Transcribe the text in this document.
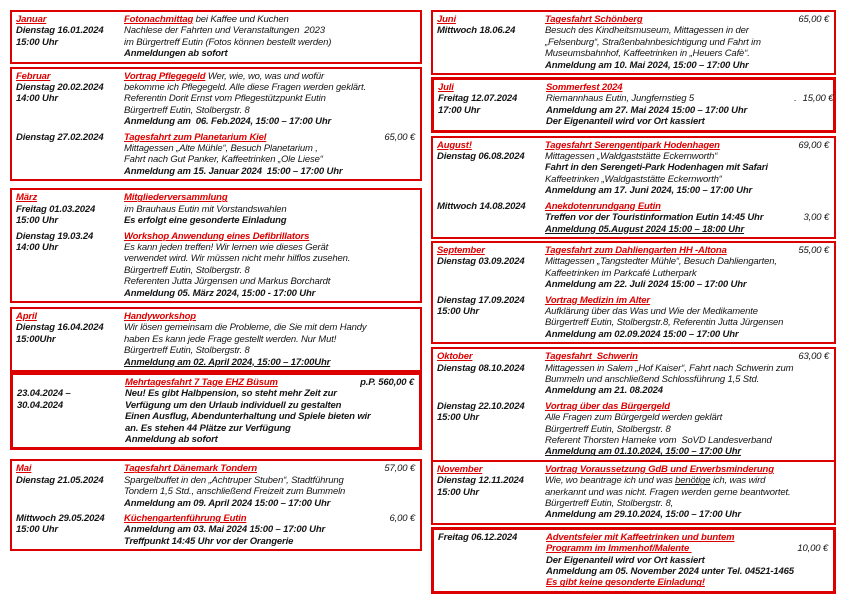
Januar	Fotonachmittag bei Kaffee und Kuchen
Dienstag 16.01.2024	Nachlese der Fahrten und Veranstaltungen  2023
15:00 Uhr	im Bürgertreff Eutin (Fotos können bestellt werden)
Anmeldungen ab sofort
Februar	Vortrag Pflegegeld Wer, wie, wo, was und wofür
Dienstag 20.02.2024	bekomme ich Pflegegeld. Alle diese Fragen werden geklärt.
14:00 Uhr	Referentin Dorit Ernst vom Pflegestützpunkt Eutin
Bürgertreff Eutin, Stolbergstr. 8
Anmeldung am  06. Feb.2024, 15:00 – 17:00 Uhr
Dienstag 27.02.2024	Tagesfahrt zum Planetarium Kiel	65,00 €
Mittagessen „Alte Mühle“, Besuch Planetarium ,
Fahrt nach Gut Panker, Kaffeetrinken „Ole Liese“
Anmeldung am 15. Januar 2024  15:00 – 17:00 Uhr
März	Mitgliederversammlung
Freitag 01.03.2024	im Brauhaus Eutin mit Vorstandswahlen
15:00 Uhr	Es erfolgt eine gesonderte Einladung
Dienstag 19.03.24	Workshop Anwendung eines Defibrillators
14:00 Uhr	Es kann jeden treffen! Wir lernen wie dieses Gerät
verwendet wird. Wir müssen nicht mehr hilflos zusehen.
Bürgertreff Eutin, Stolbergstr. 8
Referenten Jutta Jürgensen und Markus Borchardt
Anmeldung 05. März 2024, 15:00 - 17:00 Uhr
April	Handyworkshop
Dienstag 16.04.2024	Wir lösen gemeinsam die Probleme, die Sie mit dem Handy
15:00Uhr	haben Es kann jede Frage gestellt werden. Nur Mut!
Bürgertreff Eutin, Stolbergstr. 8
Anmeldung am 02. April 2024, 15:00 – 17:00Uhr
Mehrtagesfahrt 7 Tage EHZ Büsum	p.P. 560,00 €
23.04.2024 –	Neu! Es gibt Halbpension, so steht mehr Zeit zur
30.04.2024	Verfügung um den Urlaub individuell zu gestalten
Einen Ausflug, Abendunterhaltung und Spiele bieten wir
an. Es stehen 44 Plätze zur Verfügung
Anmeldung ab sofort
Mai	Tagesfahrt Dänemark Tondern	57,00 €
Dienstag 21.05.2024	Spargelbuffet in den „Achtruper Stuben“, Stadtführung
Tondern 1,5 Std., anschließend Freizeit zum Bummeln
Anmeldung am 09. April 2024 15:00 – 17:00 Uhr
Mittwoch 29.05.2024	Küchengartenführung Eutin	6,00 €
15:00 Uhr	Anmeldung am 03. Mai 2024 15:00 – 17:00 Uhr
Treffpunkt 14:45 Uhr vor der Orangerie
Juni	Tagesfahrt Schönberg	65,00 €
Mittwoch 18.06.24	Besuch des Kindheitsmuseum, Mittagessen in der
„Felsenburg“, Straßenbahnbesichtigung und Fahrt im
Museumsbahnhof, Kaffeetrinken in „Heuers Cafè“.
Anmeldung am 10. Mai 2024, 15:00 – 17:00 Uhr
Juli	Sommerfest 2024
Freitag 12.07.2024	Riemannhaus Eutin, Jungfernstieg 5	. 15,00 €
17:00 Uhr	Anmeldung am 27. Mai 2024 15:00 – 17:00 Uhr
Der Eigenanteil wird vor Ort kassiert
August!	Tagesfahrt Serengentipark Hodenhagen	69,00 €
Dienstag 06.08.2024	Mittagessen „Waldgaststätte Eckernworth“
Fahrt in den Serengeti-Park Hodenhagen mit Safari
Kaffeetrinken „Waldgaststätte Eckernworth“
Anmeldung am 17. Juni 2024, 15:00 – 17:00 Uhr
Mittwoch 14.08.2024	Anekdotenrundgang Eutin
Treffen vor der Touristinformation Eutin 14:45 Uhr	3,00 €
Anmeldung 05.August 2024 15:00 – 18:00 Uhr
September	Tagesfahrt zum Dahliengarten HH -Altona	55,00 €
Dienstag 03.09.2024	Mittagessen „Tangstedter Mühle“, Besuch Dahliengarten,
Kaffeetrinken im Parkcafé Lutherpark
Anmeldung am 22. Juli 2024 15:00 – 17:00 Uhr
Dienstag 17.09.2024	Vortrag Medizin im Alter
15:00 Uhr	Aufklärung über das Was und Wie der Medikamente
Bürgertreff Eutin, Stolbergstr.8, Referentin Jutta Jürgensen
Anmeldung am 02.09.2024 15:00 – 17:00 Uhr
Oktober	Tagesfahrt  Schwerin	63,00 €
Dienstag 08.10.2024	Mittagessen in Salem „Hof Kaiser“, Fahrt nach Schwerin zum
Bummeln und anschließend Schlossführung 1,5 Std.
Anmeldung am 21. 08.2024
Dienstag 22.10.2024	Vortrag über das Bürgergeld
15:00 Uhr	Alle Fragen zum Bürgergeld werden geklärt
Bürgertreff Eutin, Stolbergstr. 8
Referent Thorsten Harneke vom  SoVD Landesverband
Anmeldung am 01.10.2024, 15:00 – 17:00 Uhr
November	Vortrag Voraussetzung GdB und Erwerbsminderung
Dienstag 12.11.2024	Wie, wo beantrage ich und was benötige ich, was wird
15:00 Uhr	anerkannt und was nicht. Fragen werden gerne beantwortet.
Bürgertreff Eutin, Stolbergstr. 8,
Anmeldung am 29.10.2024, 15:00 – 17:00 Uhr
Freitag 06.12.2024	Adventsfeier mit Kaffeetrinken und buntem
Programm im Immenhof/Malente	10,00 €
Der Eigenanteil wird vor Ort kassiert
Anmeldung am 05. November 2024 unter Tel. 04521-1465
Es gibt keine gesonderte Einladung!
